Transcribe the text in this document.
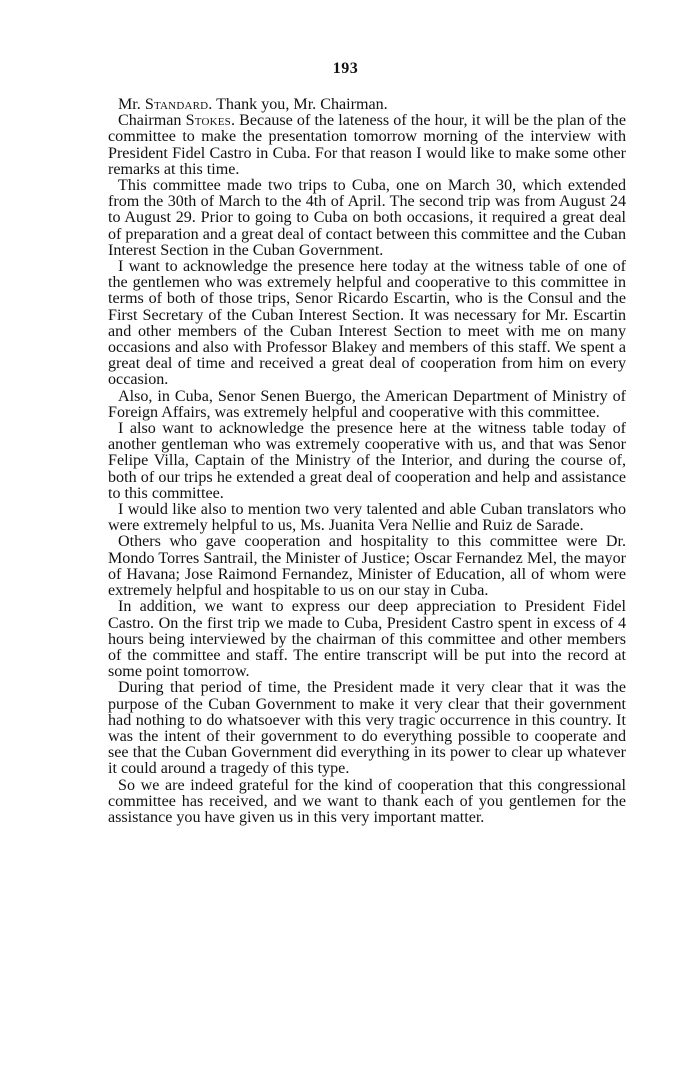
193

Mr. Standard. Thank you, Mr. Chairman.

Chairman Stokes. Because of the lateness of the hour, it will be the plan of the committee to make the presentation tomorrow morning of the interview with President Fidel Castro in Cuba. For that reason I would like to make some other remarks at this time.

This committee made two trips to Cuba, one on March 30, which extended from the 30th of March to the 4th of April. The second trip was from August 24 to August 29. Prior to going to Cuba on both occasions, it required a great deal of preparation and a great deal of contact between this committee and the Cuban Interest Section in the Cuban Government.

I want to acknowledge the presence here today at the witness table of one of the gentlemen who was extremely helpful and cooperative to this committee in terms of both of those trips, Senor Ricardo Escartin, who is the Consul and the First Secretary of the Cuban Interest Section. It was necessary for Mr. Escartin and other members of the Cuban Interest Section to meet with me on many occasions and also with Professor Blakey and members of this staff. We spent a great deal of time and received a great deal of cooperation from him on every occasion.

Also, in Cuba, Senor Senen Buergo, the American Department of Ministry of Foreign Affairs, was extremely helpful and cooperative with this committee.

I also want to acknowledge the presence here at the witness table today of another gentleman who was extremely cooperative with us, and that was Senor Felipe Villa, Captain of the Ministry of the Interior, and during the course of, both of our trips he extended a great deal of cooperation and help and assistance to this committee.

I would like also to mention two very talented and able Cuban translators who were extremely helpful to us, Ms. Juanita Vera Nellie and Ruiz de Sarade.

Others who gave cooperation and hospitality to this committee were Dr. Mondo Torres Santrail, the Minister of Justice; Oscar Fernandez Mel, the mayor of Havana; Jose Raimond Fernandez, Minister of Education, all of whom were extremely helpful and hospitable to us on our stay in Cuba.

In addition, we want to express our deep appreciation to President Fidel Castro. On the first trip we made to Cuba, President Castro spent in excess of 4 hours being interviewed by the chairman of this committee and other members of the committee and staff. The entire transcript will be put into the record at some point tomorrow.

During that period of time, the President made it very clear that it was the purpose of the Cuban Government to make it very clear that their government had nothing to do whatsoever with this very tragic occurrence in this country. It was the intent of their government to do everything possible to cooperate and see that the Cuban Government did everything in its power to clear up whatever it could around a tragedy of this type.

So we are indeed grateful for the kind of cooperation that this congressional committee has received, and we want to thank each of you gentlemen for the assistance you have given us in this very important matter.
